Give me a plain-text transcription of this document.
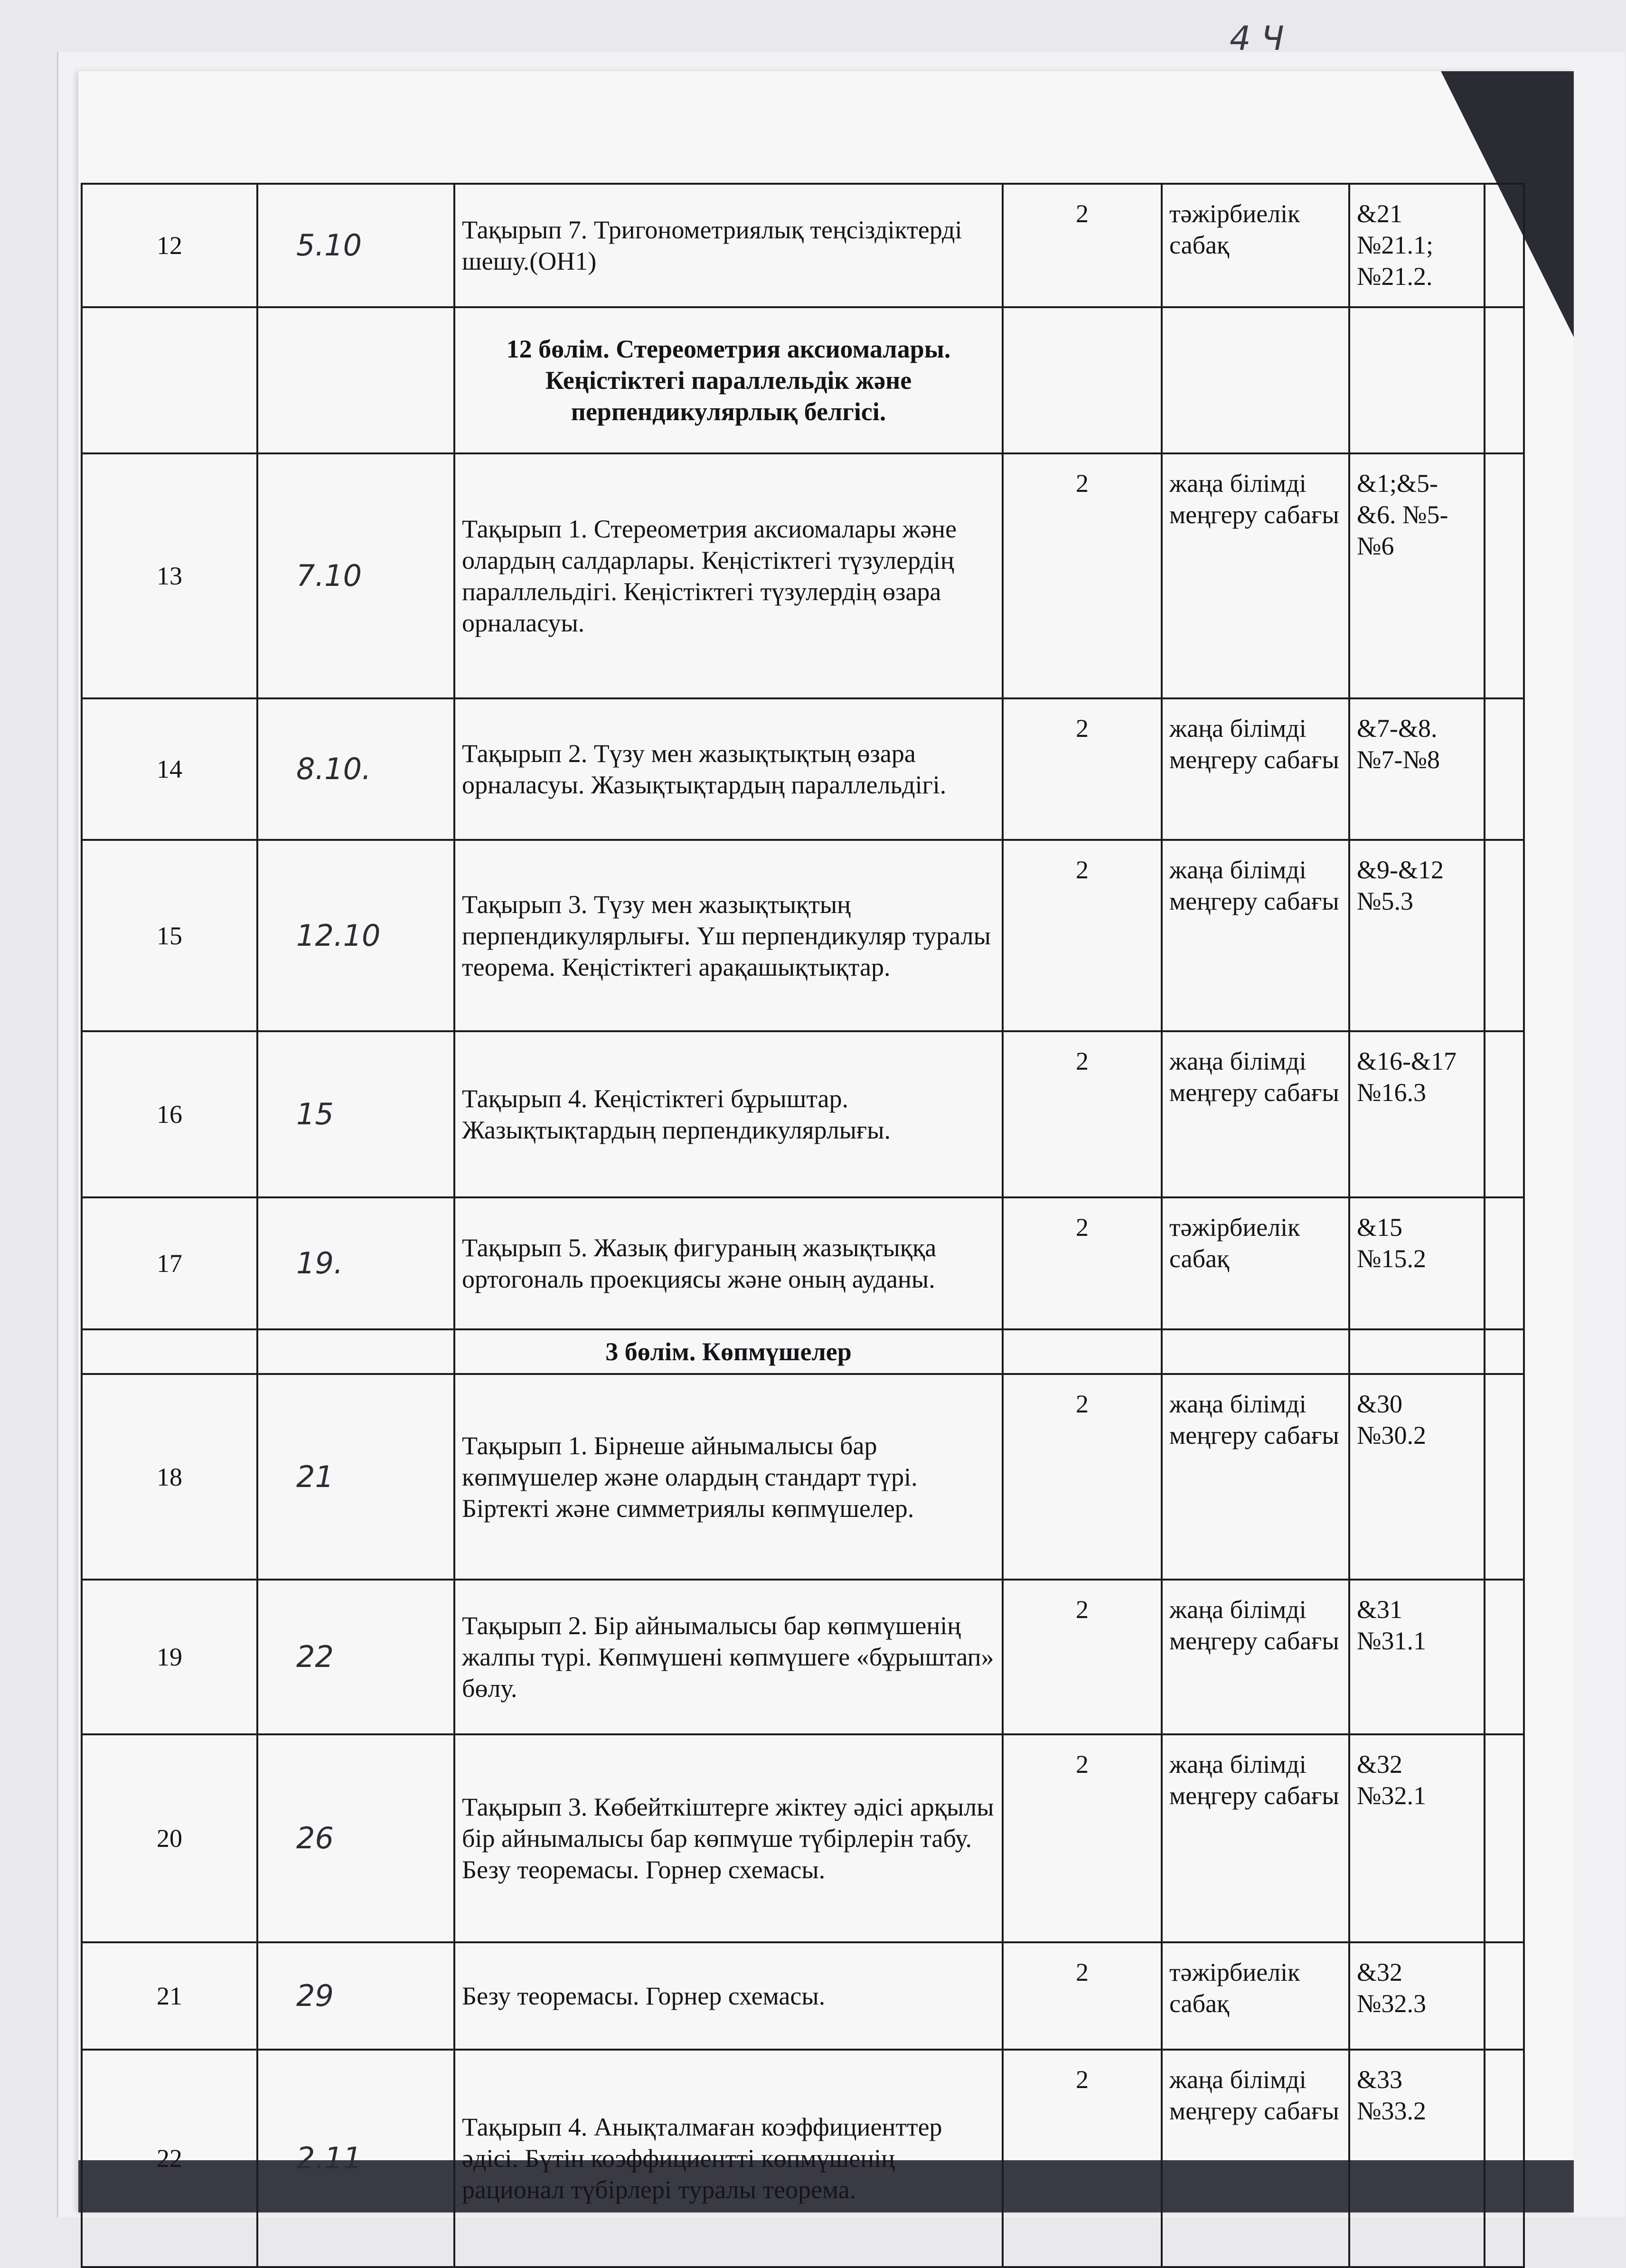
4 Ч
12	5.10	Тақырып 7. Тригонометриялық теңсіздіктерді шешу.(ОН1)	2	тәжірбиелік сабақ	&21 №21.1; №21.2.	
		12 бөлім. Стереометрия аксиомалары. Кеңістіктегі параллельдік және перпендикулярлық белгісі.				
13	7.10	Тақырып 1. Стереометрия аксиомалары және олардың салдарлары. Кеңістіктегі түзулердің параллельдігі. Кеңістіктегі түзулердің өзара орналасуы.	2	жаңа білімді меңгеру сабағы	&1;&5-&6. №5-№6	
14	8.10.	Тақырып 2. Түзу мен жазықтықтың өзара орналасуы. Жазықтықтардың параллельдігі.	2	жаңа білімді меңгеру сабағы	&7-&8. №7-№8	
15	12.10	Тақырып 3. Түзу мен жазықтықтың перпендикулярлығы. Үш перпендикуляр туралы теорема. Кеңістіктегі арақашықтықтар.	2	жаңа білімді меңгеру сабағы	&9-&12 №5.3	
16	15	Тақырып 4. Кеңістіктегі бұрыштар. Жазықтықтардың перпендикулярлығы.	2	жаңа білімді меңгеру сабағы	&16-&17 №16.3	
17	19.	Тақырып 5. Жазық фигураның жазықтыққа ортогональ проекциясы және оның ауданы.	2	тәжірбиелік сабақ	&15 №15.2	
		3 бөлім. Көпмүшелер				
18	21	Тақырып 1. Бірнеше айнымалысы бар көпмүшелер және олардың стандарт түрі. Біртекті және симметриялы көпмүшелер.	2	жаңа білімді меңгеру сабағы	&30 №30.2	
19	22	Тақырып 2. Бір айнымалысы бар көпмүшенің жалпы түрі. Көпмүшені көпмүшеге «бұрыштап» бөлу.	2	жаңа білімді меңгеру сабағы	&31 №31.1	
20	26	Тақырып 3. Көбейткіштерге жіктеу әдісі арқылы бір айнымалысы бар көпмүше түбірлерін табу. Безу теоремасы. Горнер схемасы.	2	жаңа білімді меңгеру сабағы	&32 №32.1	
21	29	Безу теоремасы. Горнер схемасы.	2	тәжірбиелік сабақ	&32 №32.3	
22	2.11	Тақырып 4. Анықталмаған коэффициенттер әдісі. Бүтін коэффициентті көпмүшенің рационал түбірлері туралы теорема.	2	жаңа білімді меңгеру сабағы	&33 №33.2	
